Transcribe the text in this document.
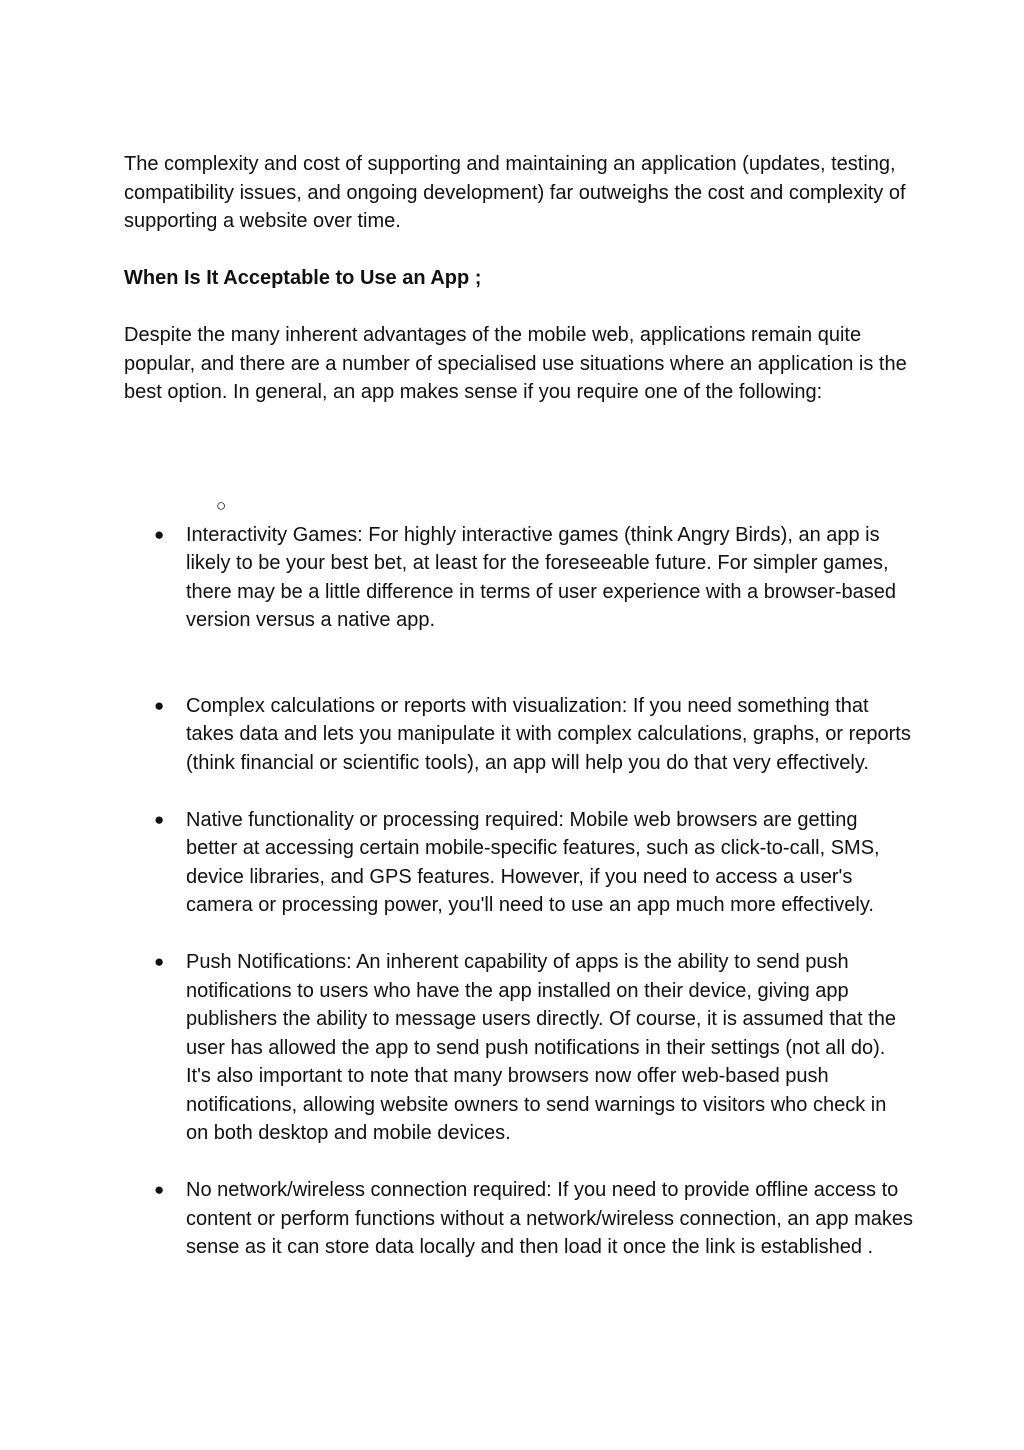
The complexity and cost of supporting and maintaining an application (updates, testing, compatibility issues, and ongoing development) far outweighs the cost and complexity of supporting a website over time.

When Is It Acceptable to Use an App ;

Despite the many inherent advantages of the mobile web, applications remain quite popular, and there are a number of specialised use situations where an application is the best option. In general, an app makes sense if you require one of the following:

○
● Interactivity Games: For highly interactive games (think Angry Birds), an app is likely to be your best bet, at least for the foreseeable future. For simpler games, there may be a little difference in terms of user experience with a browser-based version versus a native app.
● Complex calculations or reports with visualization: If you need something that takes data and lets you manipulate it with complex calculations, graphs, or reports (think financial or scientific tools), an app will help you do that very effectively.
● Native functionality or processing required: Mobile web browsers are getting better at accessing certain mobile-specific features, such as click-to-call, SMS, device libraries, and GPS features. However, if you need to access a user's camera or processing power, you'll need to use an app much more effectively.
● Push Notifications: An inherent capability of apps is the ability to send push notifications to users who have the app installed on their device, giving app publishers the ability to message users directly. Of course, it is assumed that the user has allowed the app to send push notifications in their settings (not all do). It's also important to note that many browsers now offer web-based push notifications, allowing website owners to send warnings to visitors who check in on both desktop and mobile devices.
● No network/wireless connection required: If you need to provide offline access to content or perform functions without a network/wireless connection, an app makes sense as it can store data locally and then load it once the link is established .
